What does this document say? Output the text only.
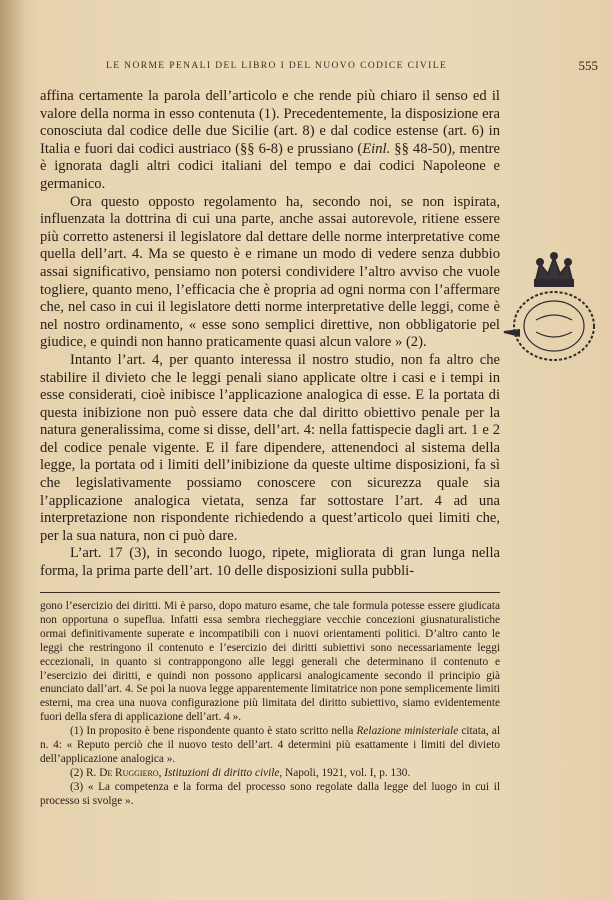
LE NORME PENALI DEL LIBRO I DEL NUOVO CODICE CIVILE	555

affina certamente la parola dell’articolo e che rende più chiaro il senso ed il valore della norma in esso contenuta (1). Precedentemente, la disposizione era conosciuta dal codice delle due Sicilie (art. 8) e dal codice estense (art. 6) in Italia e fuori dai codici austriaco (§§ 6-8) e prussiano (Einl. §§ 48-50), mentre è ignorata dagli altri codici italiani del tempo e dai codici Napoleone e germanico.

Ora questo opposto regolamento ha, secondo noi, se non ispirata, influenzata la dottrina di cui una parte, anche assai autorevole, ritiene essere più corretto astenersi il legislatore dal dettare delle norme interpretative come quella dell’art. 4. Ma se questo è e rimane un modo di vedere senza dubbio assai significativo, pensiamo non potersi condividere l’altro avviso che vuole togliere, quanto meno, l’efficacia che è propria ad ogni norma con l’affermare che, nel caso in cui il legislatore detti norme interpretative delle leggi, come è nel nostro ordinamento, « esse sono semplici direttive, non obbligatorie pel giudice, e quindi non hanno praticamente quasi alcun valore » (2).

Intanto l’art. 4, per quanto interessa il nostro studio, non fa altro che stabilire il divieto che le leggi penali siano applicate oltre i casi e i tempi in esse considerati, cioè inibisce l’applicazione analogica di esse. E la portata di questa inibizione non può essere data che dal diritto obiettivo penale per la natura generalissima, come si disse, dell’art. 4: nella fattispecie dagli art. 1 e 2 del codice penale vigente. E il fare dipendere, attenendoci al sistema della legge, la portata od i limiti dell’inibizione da queste ultime disposizioni, fa sì che legislativamente possiamo conoscere con sicurezza quale sia l’applicazione analogica vietata, senza far sottostare l’art. 4 ad una interpretazione non rispondente richiedendo a quest’articolo quei limiti che, per la sua natura, non ci può dare.

L’art. 17 (3), in secondo luogo, ripete, migliorata di gran lunga nella forma, la prima parte dell’art. 10 delle disposizioni sulla pubbli-

gono l’esercizio dei diritti. Mi è parso, dopo maturo esame, che tale formula potesse essere giudicata non opportuna o supeflua. Infatti essa sembra riecheggiare vecchie concezioni giusnaturalistiche ormai definitivamente superate e incompatibili con i nuovi orientamenti politici. D’altro canto le leggi che restringono il contenuto e l’esercizio dei diritti subiettivi sono necessariamente leggi eccezionali, in quanto si contrappongono alle leggi generali che determinano il contenuto e l’esercizio dei diritti, e quindi non possono applicarsi analogicamente secondo il principio già enunciato dall’art. 4. Se poi la nuova legge apparentemente limitatrice non pone semplicemente limiti esterni, ma crea una nuova configurazione più limitata del diritto subiettivo, siamo evidentemente fuori della sfera di applicazione dell’art. 4 ».

(1) In proposito è bene rispondente quanto è stato scritto nella Relazione ministeriale citata, al n. 4: « Reputo perciò che il nuovo testo dell’art. 4 determini più esattamente i limiti del divieto dell’applicazione analogica ».

(2) R. De Ruggiero, Istituzioni di diritto civile, Napoli, 1921, vol. I, p. 130.

(3) « La competenza e la forma del processo sono regolate dalla legge del luogo in cui il processo si svolge ».
